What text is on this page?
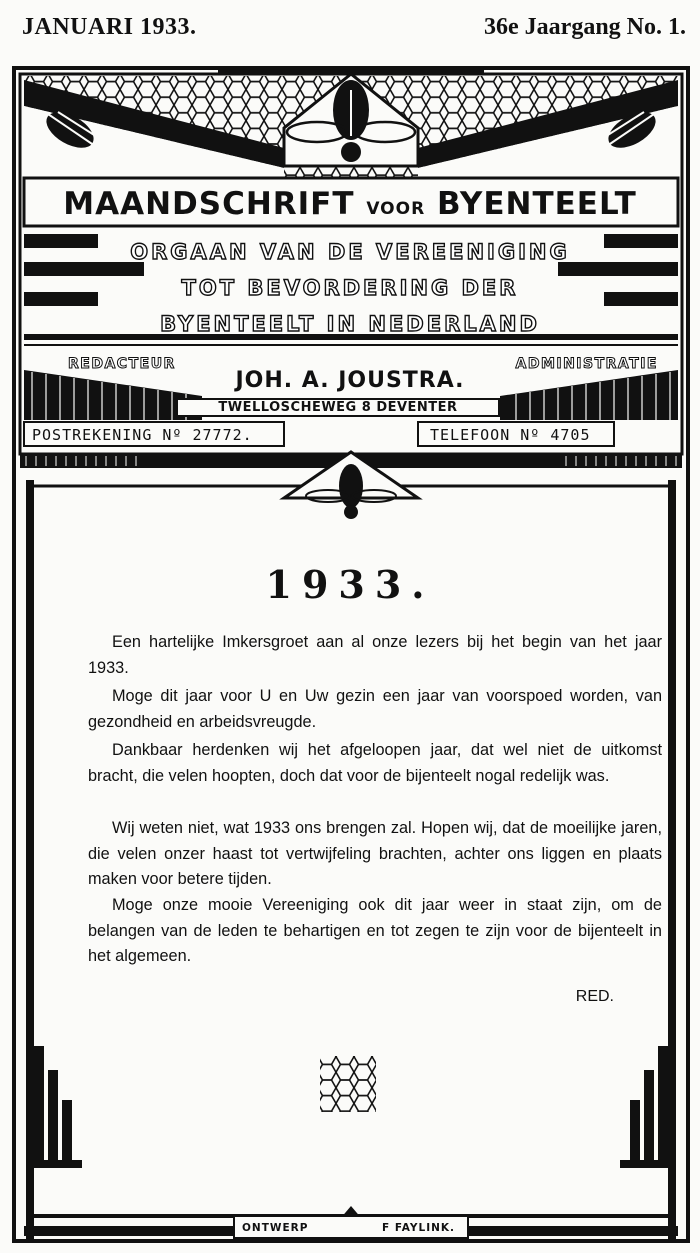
JANUARI 1933.	36e Jaargang No. 1.
MAANDSCHRIFT VOOR BYENTEELT
ORGAAN VAN DE VEREENIGING
TOT BEVORDERING DER
BYENTEELT IN NEDERLAND
REDACTEUR	ADMINISTRATIE
JOH. A. JOUSTRA.
TWELLOSCHEWEG 8 DEVENTER
POSTREKENING Nº 27772.	TELEFOON Nº 4705
1933.

Een hartelijke Imkersgroet aan al onze lezers bij het begin van het jaar 1933.

Moge dit jaar voor U en Uw gezin een jaar van voorspoed worden, van gezondheid en arbeidsvreugde.

Dankbaar herdenken wij het afgeloopen jaar, dat wel niet de uitkomst bracht, die velen hoopten, doch dat voor de bijenteelt nogal redelijk was.

Wij weten niet, wat 1933 ons brengen zal. Hopen wij, dat de moeilijke jaren, die velen onzer haast tot vertwijfeling brachten, achter ons liggen en plaats maken voor betere tijden.

Moge onze mooie Vereeniging ook dit jaar weer in staat zijn, om de belangen van de leden te behartigen en tot zegen te zijn voor de bijenteelt in het algemeen.

RED.
ONTWERP	F FAYLINK.
